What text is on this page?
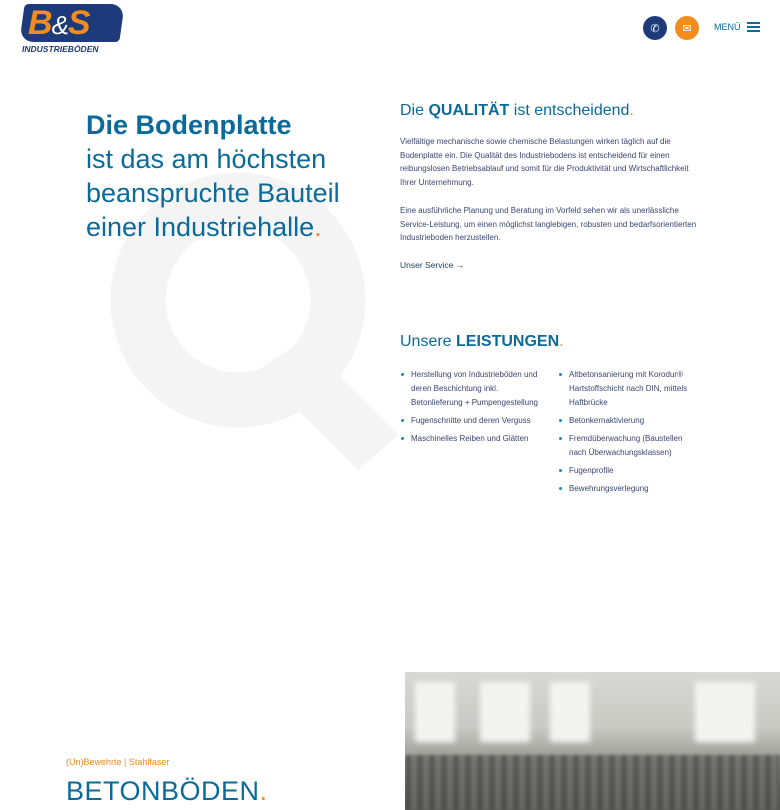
B&S
INDUSTRIEBÖDEN
✆ ✉ MENÜ
Die Bodenplatte
ist das am höchsten
beanspruchte Bauteil
einer Industriehalle.
Die QUALITÄT ist entscheidend.

Vielfältige mechanische sowie chemische Belastungen wirken täglich auf die Bodenplatte ein. Die Qualität des Industriebodens ist entscheidend für einen reibungslosen Betriebsablauf und somit für die Produktivität und Wirtschaftlichkeit Ihrer Unternehmung.

Eine ausführliche Planung und Beratung im Vorfeld sehen wir als unerlässliche Service-Leistung, um einen möglichst langlebigen, robusten und bedarfsorientierten Industrieboden herzustellen.

Unser Service →
Unsere LEISTUNGEN.
Herstellung von Industrieböden und deren Beschichtung inkl. Betonlieferung + Pumpengestellung
Fugenschnitte und deren Verguss
Maschinelles Reiben und Glätten
Altbetonsanierung mit Korodur® Hartstoffschicht nach DIN, mittels Haftbrücke
Betonkernaktivierung
Fremdüberwachung (Baustellen nach Überwachungsklassen)
Fugenprofile
Bewehrungsverlegung
(Un)Bewehrte | Stahlfaser
BETONBÖDEN.
